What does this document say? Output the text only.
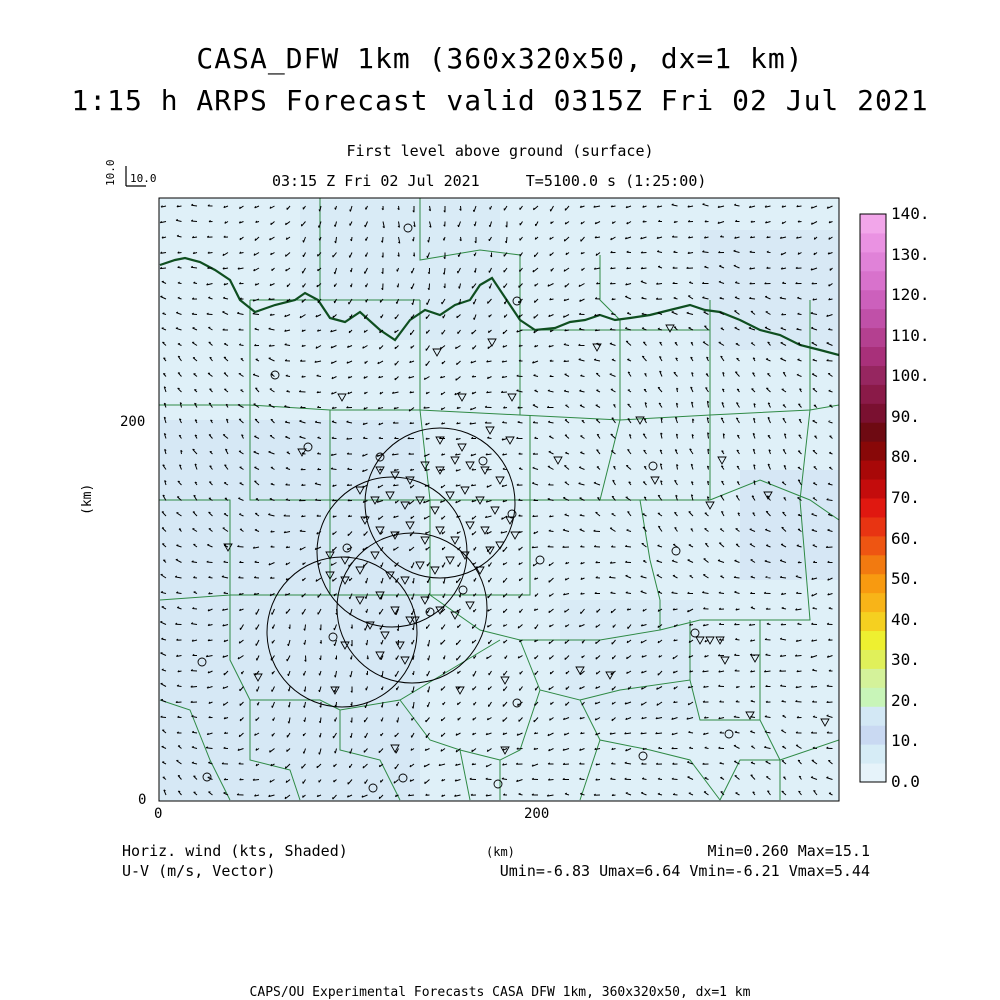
CASA_DFW 1km (360x320x50, dx=1 km)
1:15 h ARPS Forecast valid 0315Z Fri 02 Jul 2021
First level above ground (surface)
03:15 Z Fri 02 Jul 2021	T=5100.0 s (1:25:00)
10.0 10.0
(km)
200
0
0	200
Horiz. wind (kts, Shaded)
U-V (m/s, Vector)
(km)	Min=0.260 Max=15.1
Umin=-6.83 Umax=6.64 Vmin=-6.21 Vmax=5.44
CAPS/OU Experimental Forecasts CASA DFW 1km, 360x320x50, dx=1 km
0.0
10.
20.
30.
40.
50.
60.
70.
80.
90.
100.
110.
120.
130.
140.
